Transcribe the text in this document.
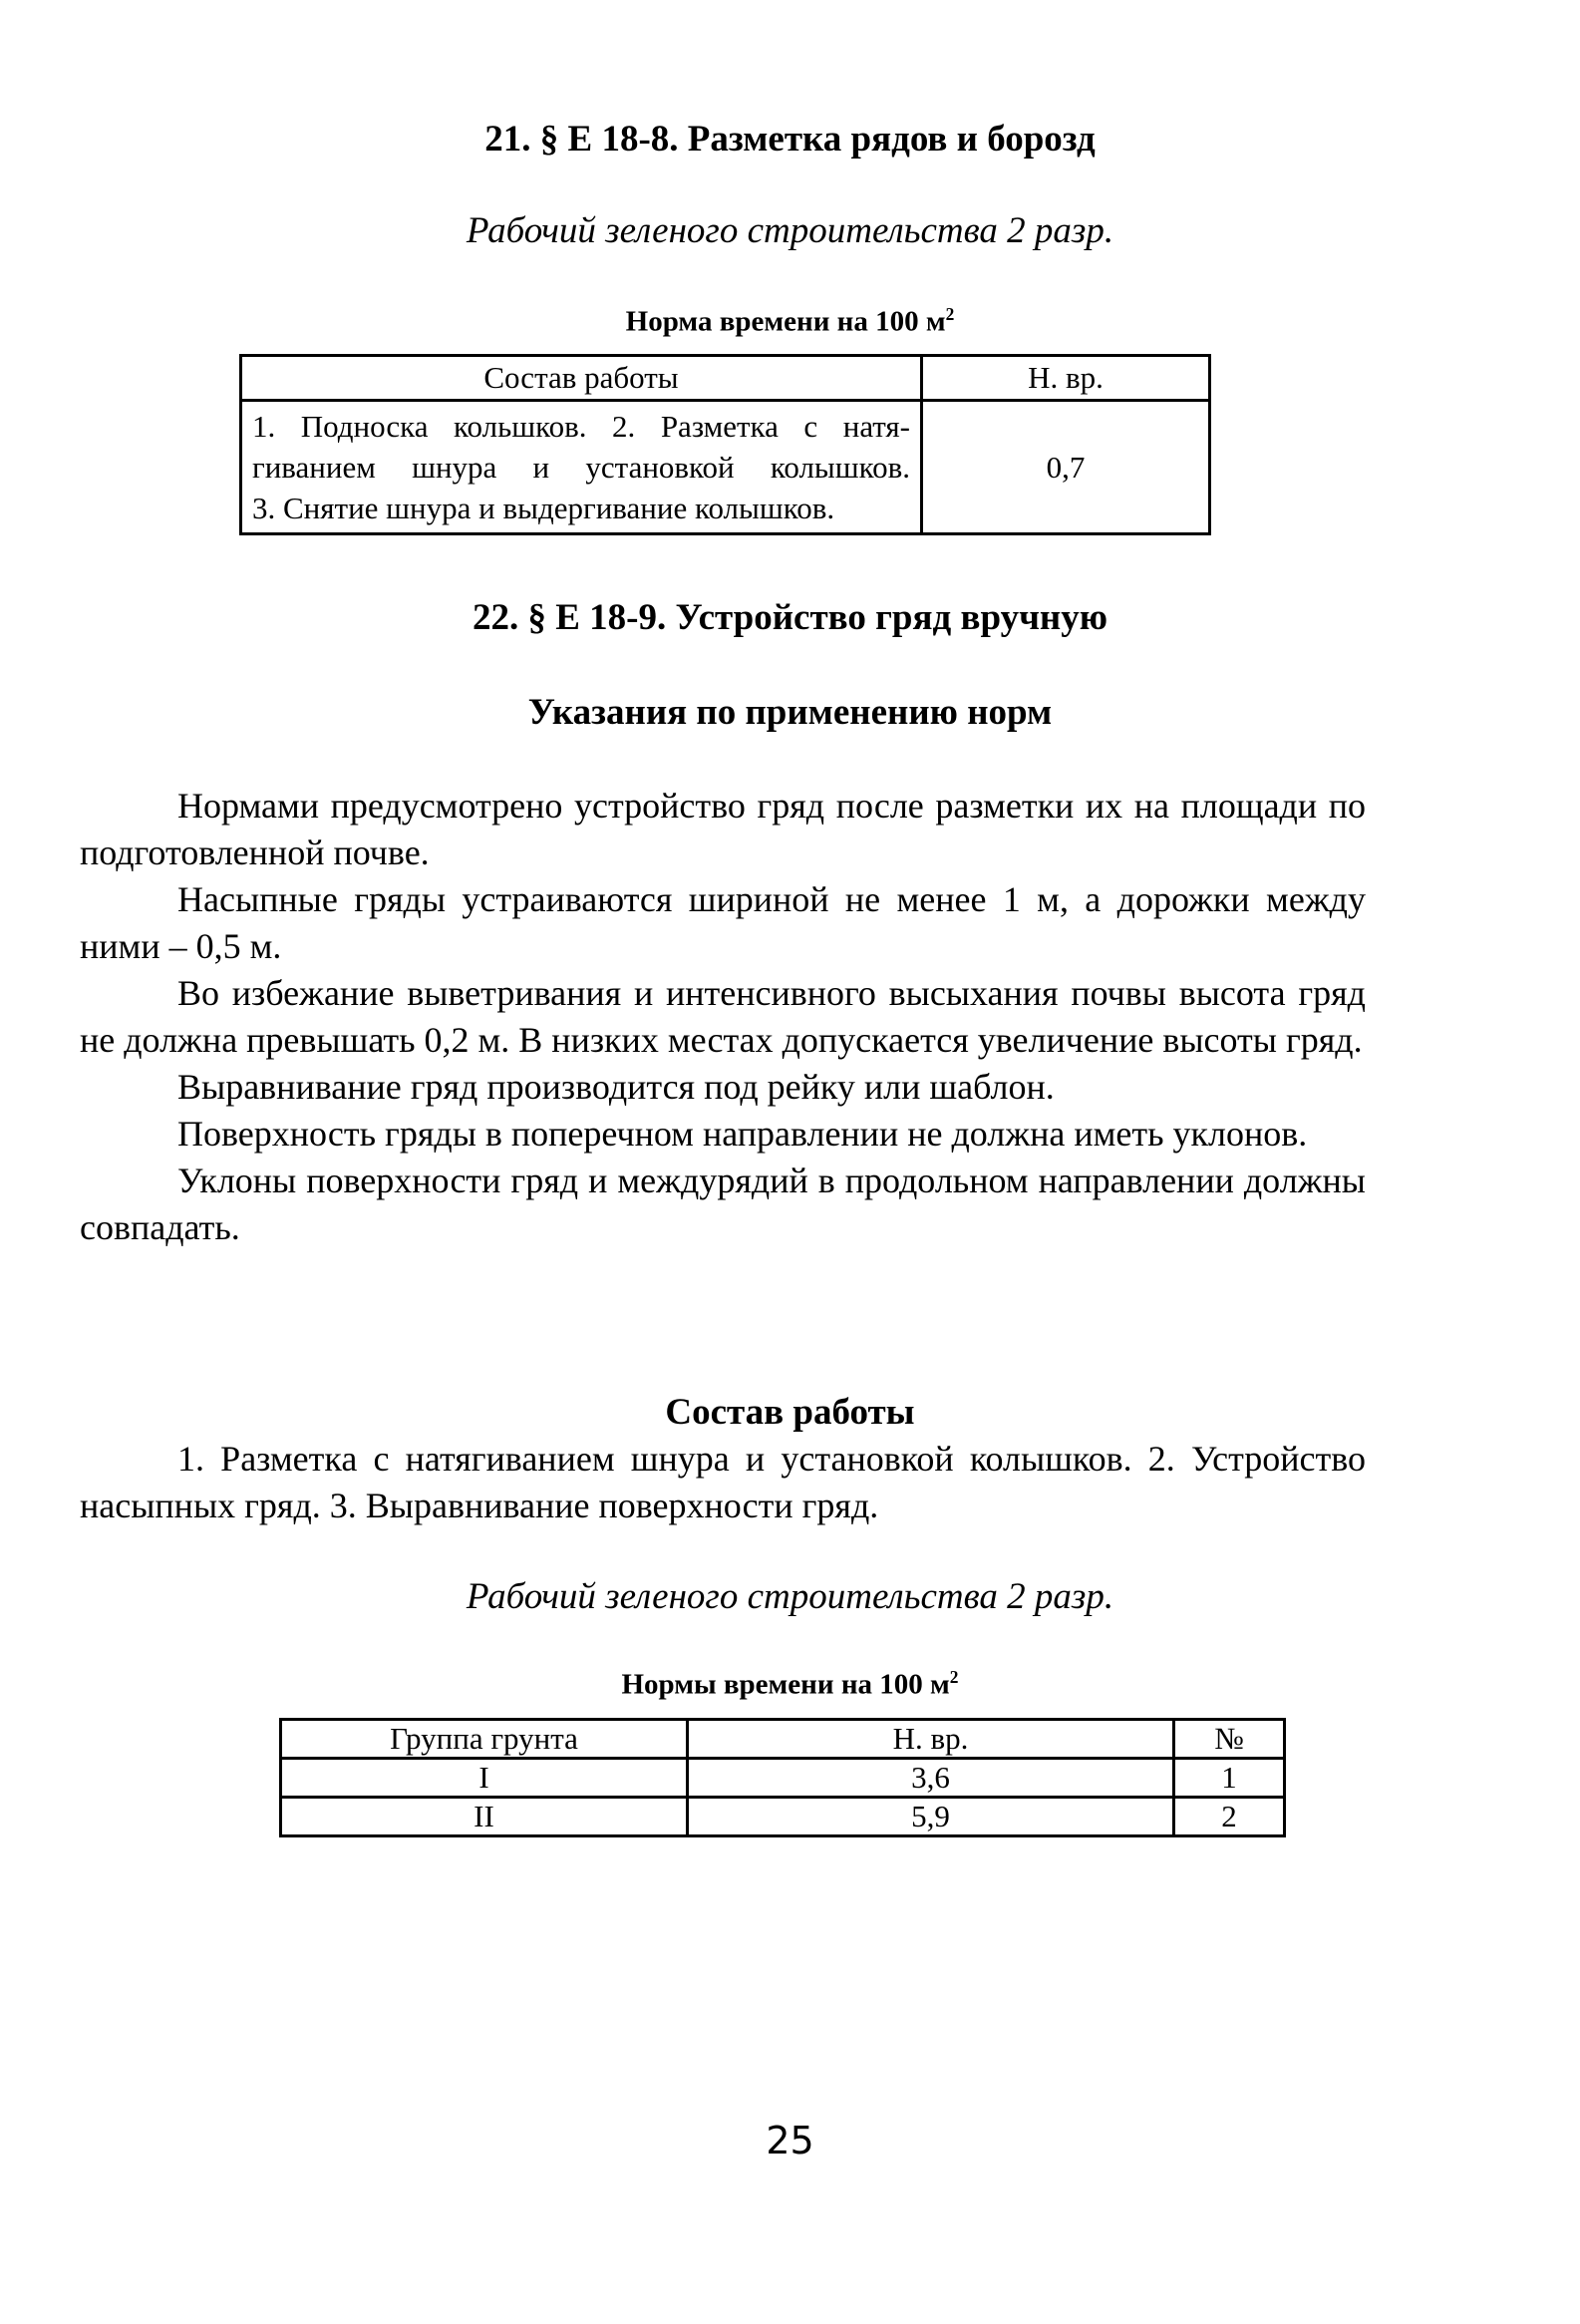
21. § Е 18-8. Разметка рядов и борозд
Рабочий зеленого строительства 2 разр.
Норма времени на 100 $м^2$
Состав работы	Н. вр.

1. Подноска кольшков. 2. Разметка с натя-
гиванием шнура и установкой колышков.
3. Снятие шнура и выдергивание колышков.	0,7
22. § Е 18-9. Устройство гряд вручную
Указания по применению норм

Нормами предусмотрено устройство гряд после разметки их на площади по подготовленной почве.

Насыпные гряды устраиваются шириной не менее 1 м, а дорожки между ними – 0,5 м.

Во избежание выветривания и интенсивного высыхания почвы высота гряд не должна превышать 0,2 м. В низких местах допускается увеличение высоты гряд.

Выравнивание гряд производится под рейку или шаблон.

Поверхность гряды в поперечном направлении не должна иметь уклонов.

Уклоны поверхности гряд и междурядий в продольном направлении должны совпадать.

Состав работы

1. Разметка с натягиванием шнура и установкой колышков. 2. Устройство насыпных гряд. 3. Выравнивание поверхности гряд.

Рабочий зеленого строительства 2 разр.
Нормы времени на 100 $м^2$
Группа грунта	Н. вр.	№
I	3,6	1
II	5,9	2
25
